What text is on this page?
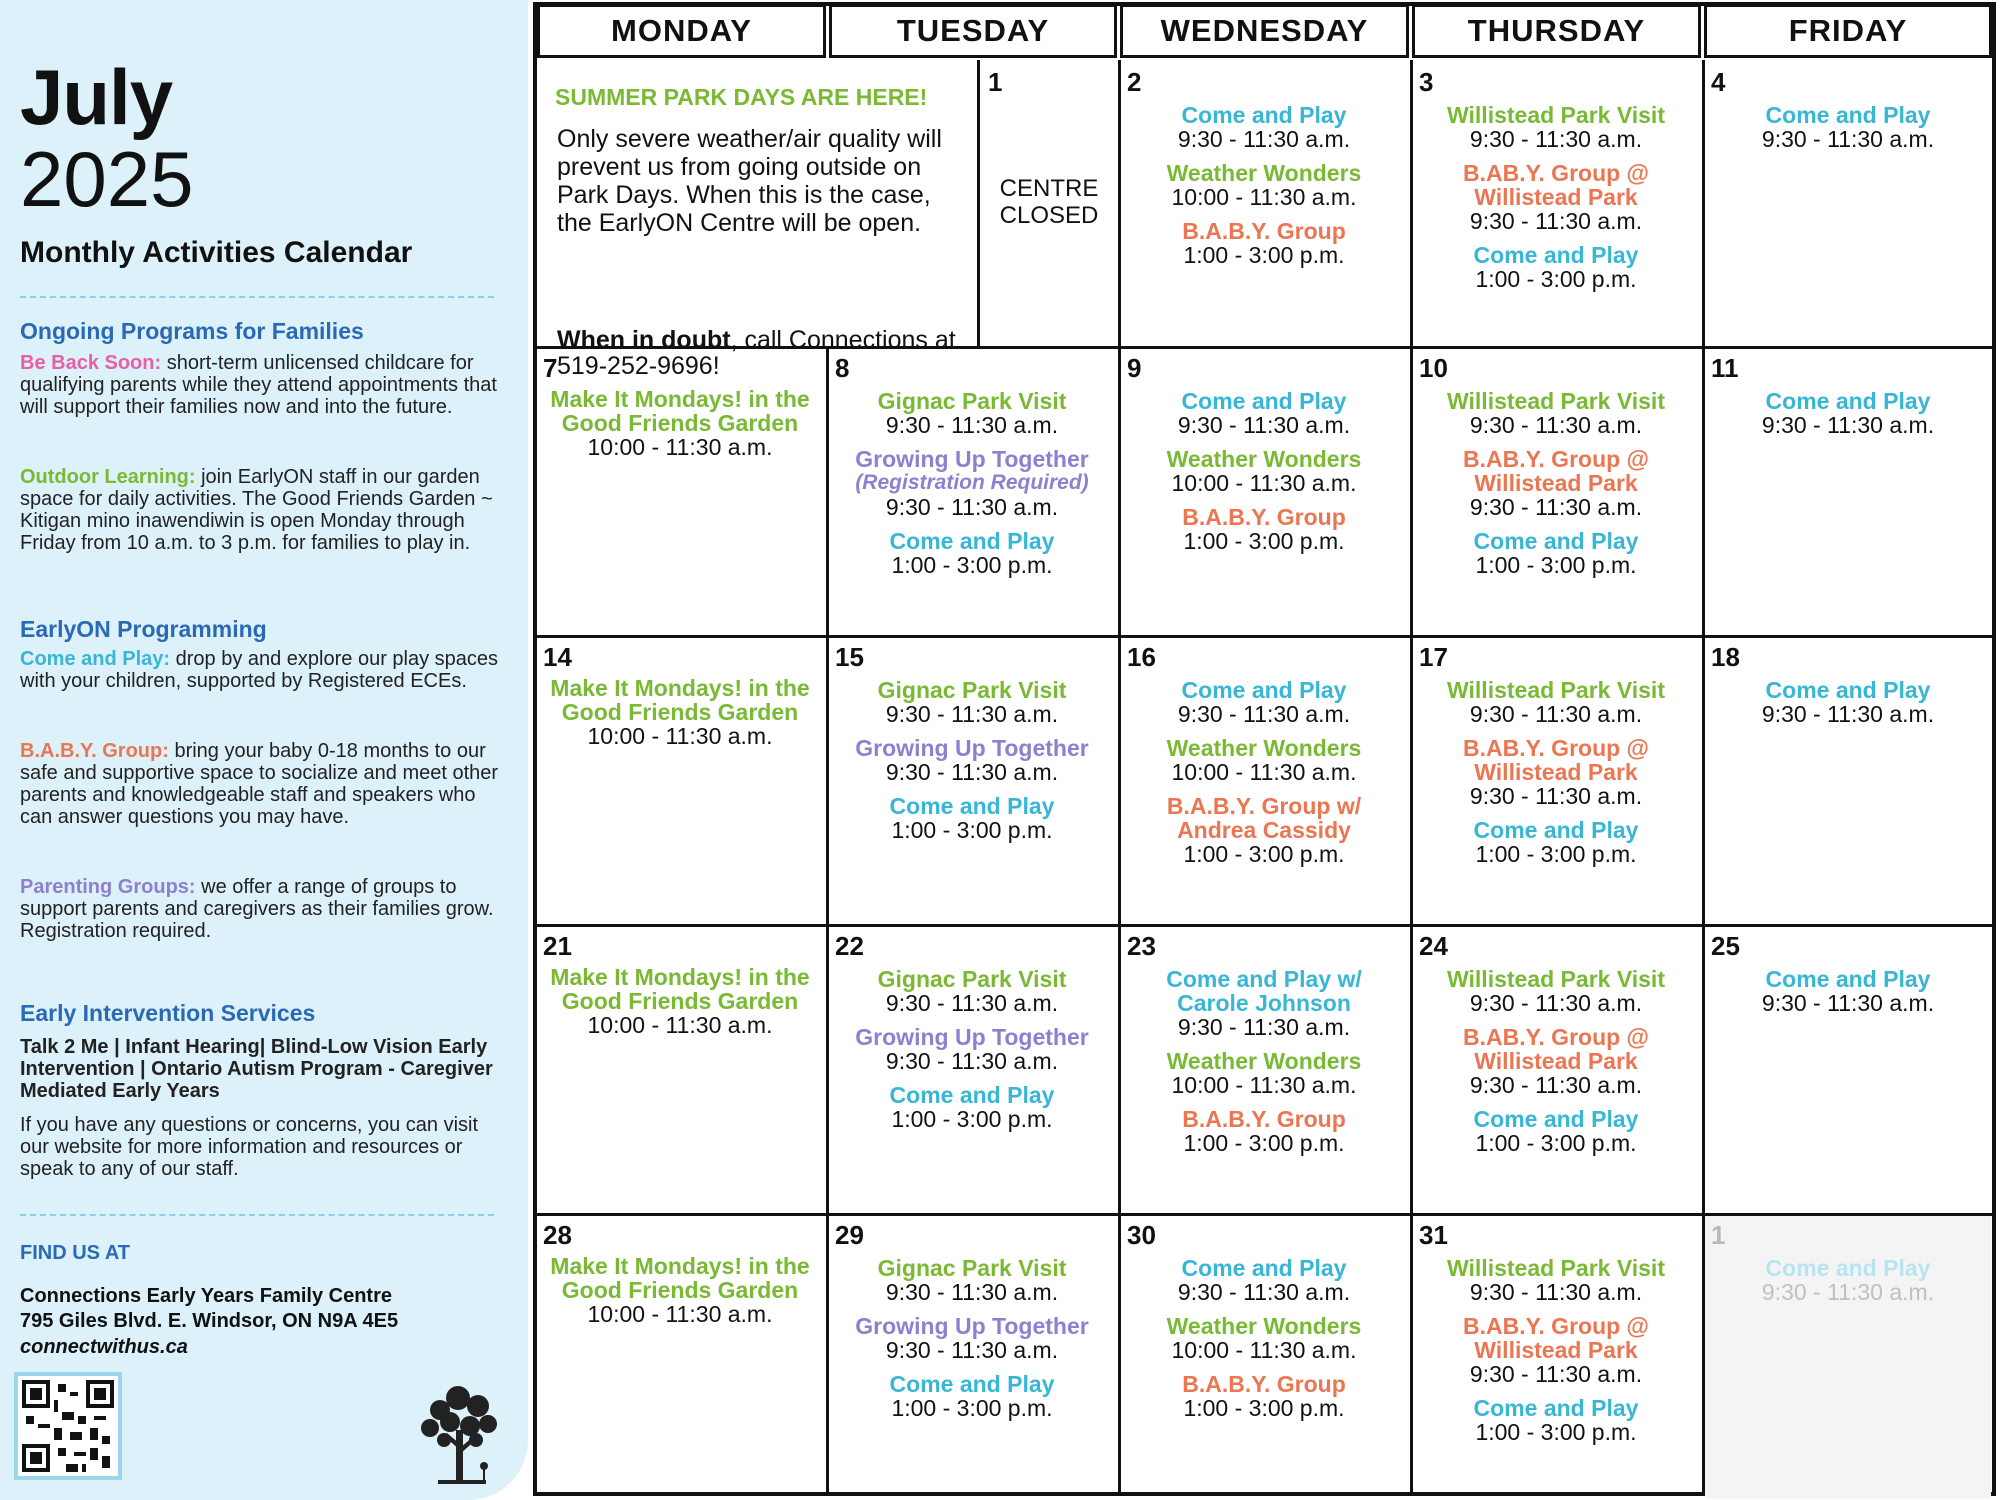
July
2025
Monthly Activities Calendar
Ongoing Programs for Families
Be Back Soon: short-term unlicensed childcare for qualifying parents while they attend appointments that will support their families now and into the future.
Outdoor Learning: join EarlyON staff in our garden space for daily activities. The Good Friends Garden ~ Kitigan mino inawendiwin is open Monday through Friday from 10 a.m. to 3 p.m. for families to play in.
EarlyON Programming
Come and Play: drop by and explore our play spaces with your children, supported by Registered ECEs.
B.A.B.Y. Group: bring your baby 0-18 months to our safe and supportive space to socialize and meet other parents and knowledgeable staff and speakers who can answer questions you may have.
Parenting Groups: we offer a range of groups to support parents and caregivers as their families grow. Registration required.
Early Intervention Services
Talk 2 Me | Infant Hearing| Blind-Low Vision Early Intervention | Ontario Autism Program - Caregiver Mediated Early Years
If you have any questions or concerns, you can visit our website for more information and resources or speak to any of our staff.
FIND US AT
Connections Early Years Family Centre
795 Giles Blvd. E. Windsor, ON N9A 4E5
connectwithus.ca
MONDAY	TUESDAY	WEDNESDAY	THURSDAY	FRIDAY
SUMMER PARK DAYS ARE HERE!
Only severe weather/air quality will prevent us from going outside on Park Days. When this is the case, the EarlyON Centre will be open.
When in doubt, call Connections at 519-252-9696!
1
CENTRE
CLOSED
2
Come and Play
9:30 - 11:30 a.m.
Weather Wonders
10:00 - 11:30 a.m.
B.A.B.Y. Group
1:00 - 3:00 p.m.
3
Willistead Park Visit
9:30 - 11:30 a.m.
B.AB.Y. Group @ Willistead Park
9:30 - 11:30 a.m.
Come and Play
1:00 - 3:00 p.m.
4
Come and Play
9:30 - 11:30 a.m.
7
Make It Mondays! in the Good Friends Garden
10:00 - 11:30 a.m.
8
Gignac Park Visit
9:30 - 11:30 a.m.
Growing Up Together
(Registration Required)
9:30 - 11:30 a.m.
Come and Play
1:00 - 3:00 p.m.
9
Come and Play
9:30 - 11:30 a.m.
Weather Wonders
10:00 - 11:30 a.m.
B.A.B.Y. Group
1:00 - 3:00 p.m.
10
Willistead Park Visit
9:30 - 11:30 a.m.
B.AB.Y. Group @ Willistead Park
9:30 - 11:30 a.m.
Come and Play
1:00 - 3:00 p.m.
11
Come and Play
9:30 - 11:30 a.m.
14
Make It Mondays! in the Good Friends Garden
10:00 - 11:30 a.m.
15
Gignac Park Visit
9:30 - 11:30 a.m.
Growing Up Together
9:30 - 11:30 a.m.
Come and Play
1:00 - 3:00 p.m.
16
Come and Play
9:30 - 11:30 a.m.
Weather Wonders
10:00 - 11:30 a.m.
B.A.B.Y. Group w/ Andrea Cassidy
1:00 - 3:00 p.m.
17
Willistead Park Visit
9:30 - 11:30 a.m.
B.AB.Y. Group @ Willistead Park
9:30 - 11:30 a.m.
Come and Play
1:00 - 3:00 p.m.
18
Come and Play
9:30 - 11:30 a.m.
21
Make It Mondays! in the Good Friends Garden
10:00 - 11:30 a.m.
22
Gignac Park Visit
9:30 - 11:30 a.m.
Growing Up Together
9:30 - 11:30 a.m.
Come and Play
1:00 - 3:00 p.m.
23
Come and Play w/ Carole Johnson
9:30 - 11:30 a.m.
Weather Wonders
10:00 - 11:30 a.m.
B.A.B.Y. Group
1:00 - 3:00 p.m.
24
Willistead Park Visit
9:30 - 11:30 a.m.
B.AB.Y. Group @ Willistead Park
9:30 - 11:30 a.m.
Come and Play
1:00 - 3:00 p.m.
25
Come and Play
9:30 - 11:30 a.m.
28
Make It Mondays! in the Good Friends Garden
10:00 - 11:30 a.m.
29
Gignac Park Visit
9:30 - 11:30 a.m.
Growing Up Together
9:30 - 11:30 a.m.
Come and Play
1:00 - 3:00 p.m.
30
Come and Play
9:30 - 11:30 a.m.
Weather Wonders
10:00 - 11:30 a.m.
B.A.B.Y. Group
1:00 - 3:00 p.m.
31
Willistead Park Visit
9:30 - 11:30 a.m.
B.AB.Y. Group @ Willistead Park
9:30 - 11:30 a.m.
Come and Play
1:00 - 3:00 p.m.
1
Come and Play
9:30 - 11:30 a.m.
